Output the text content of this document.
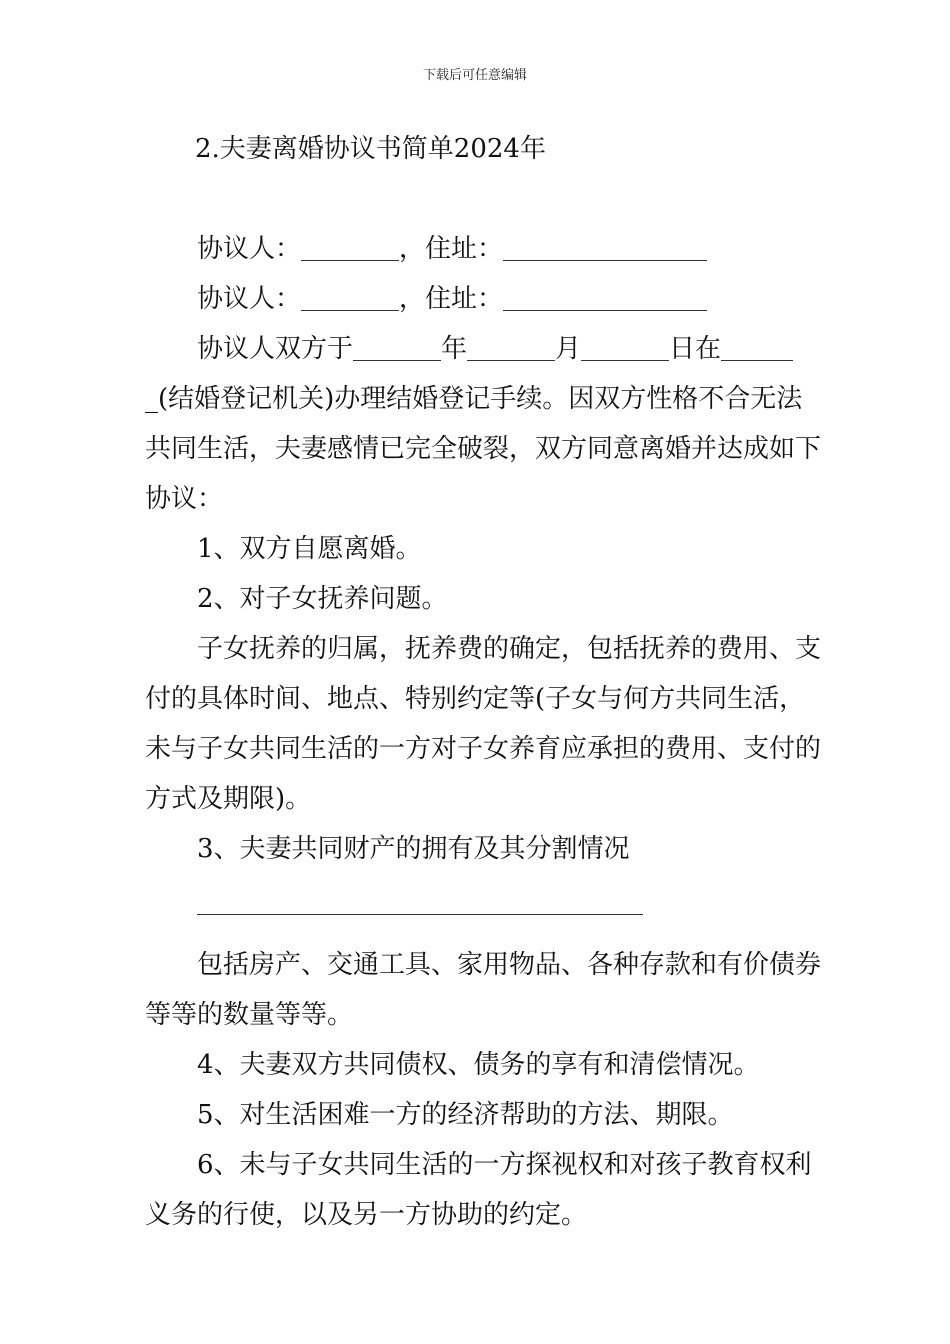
下载后可任意编辑
2.夫妻离婚协议书简单2024年

协议人：	，住址：

协议人：	，住址：

协议人双方于	年	月	日在_(结婚登记机关)办理结婚登记手续。因双方性格不合无法共同生活，夫妻感情已完全破裂，双方同意离婚并达成如下协议：

1、双方自愿离婚。

2、对子女抚养问题。

子女抚养的归属，抚养费的确定，包括抚养的费用、支付的具体时间、地点、特别约定等(子女与何方共同生活，未与子女共同生活的一方对子女养育应承担的费用、支付的方式及期限)。

3、夫妻共同财产的拥有及其分割情况

包括房产、交通工具、家用物品、各种存款和有价债券等等的数量等等。

4、夫妻双方共同债权、债务的享有和清偿情况。

5、对生活困难一方的经济帮助的方法、期限。

6、未与子女共同生活的一方探视权和对孩子教育权利义务的行使，以及另一方协助的约定。
